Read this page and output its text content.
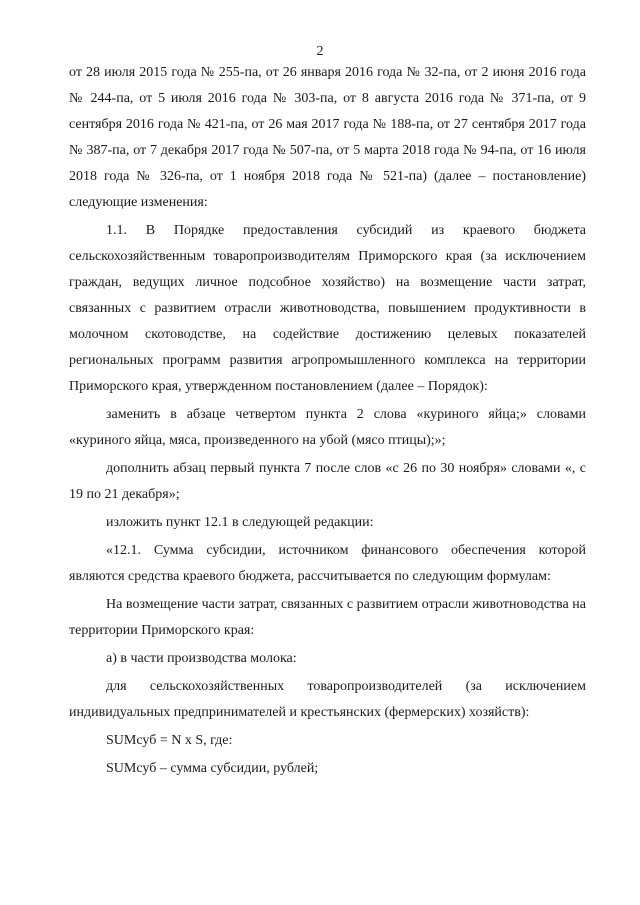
2

от 28 июля 2015 года № 255-па, от 26 января 2016 года № 32-па, от 2 июня 2016 года № 244-па, от 5 июля 2016 года № 303-па, от 8 августа 2016 года № 371-па, от 9 сентября 2016 года № 421-па, от 26 мая 2017 года № 188-па, от 27 сентября 2017 года № 387-па, от 7 декабря 2017 года № 507-па, от 5 марта 2018 года № 94-па, от 16 июля 2018 года № 326-па, от 1 ноября 2018 года № 521-па) (далее – постановление) следующие изменения:

1.1. В Порядке предоставления субсидий из краевого бюджета сельскохозяйственным товаропроизводителям Приморского края (за исключением граждан, ведущих личное подсобное хозяйство) на возмещение части затрат, связанных с развитием отрасли животноводства, повышением продуктивности в молочном скотоводстве, на содействие достижению целевых показателей региональных программ развития агропромышленного комплекса на территории Приморского края, утвержденном постановлением (далее – Порядок):

заменить в абзаце четвертом пункта 2 слова «куриного яйца;» словами «куриного яйца, мяса, произведенного на убой (мясо птицы);»;

дополнить абзац первый пункта 7 после слов «с 26 по 30 ноября» словами «, с 19 по 21 декабря»;

изложить пункт 12.1 в следующей редакции:

«12.1. Сумма субсидии, источником финансового обеспечения которой являются средства краевого бюджета, рассчитывается по следующим формулам:

На возмещение части затрат, связанных с развитием отрасли животноводства на территории Приморского края:

а) в части производства молока:

для сельскохозяйственных товаропроизводителей (за исключением индивидуальных предпринимателей и крестьянских (фермерских) хозяйств):

SUMсуб = N x S, где:

SUMсуб – сумма субсидии, рублей;
